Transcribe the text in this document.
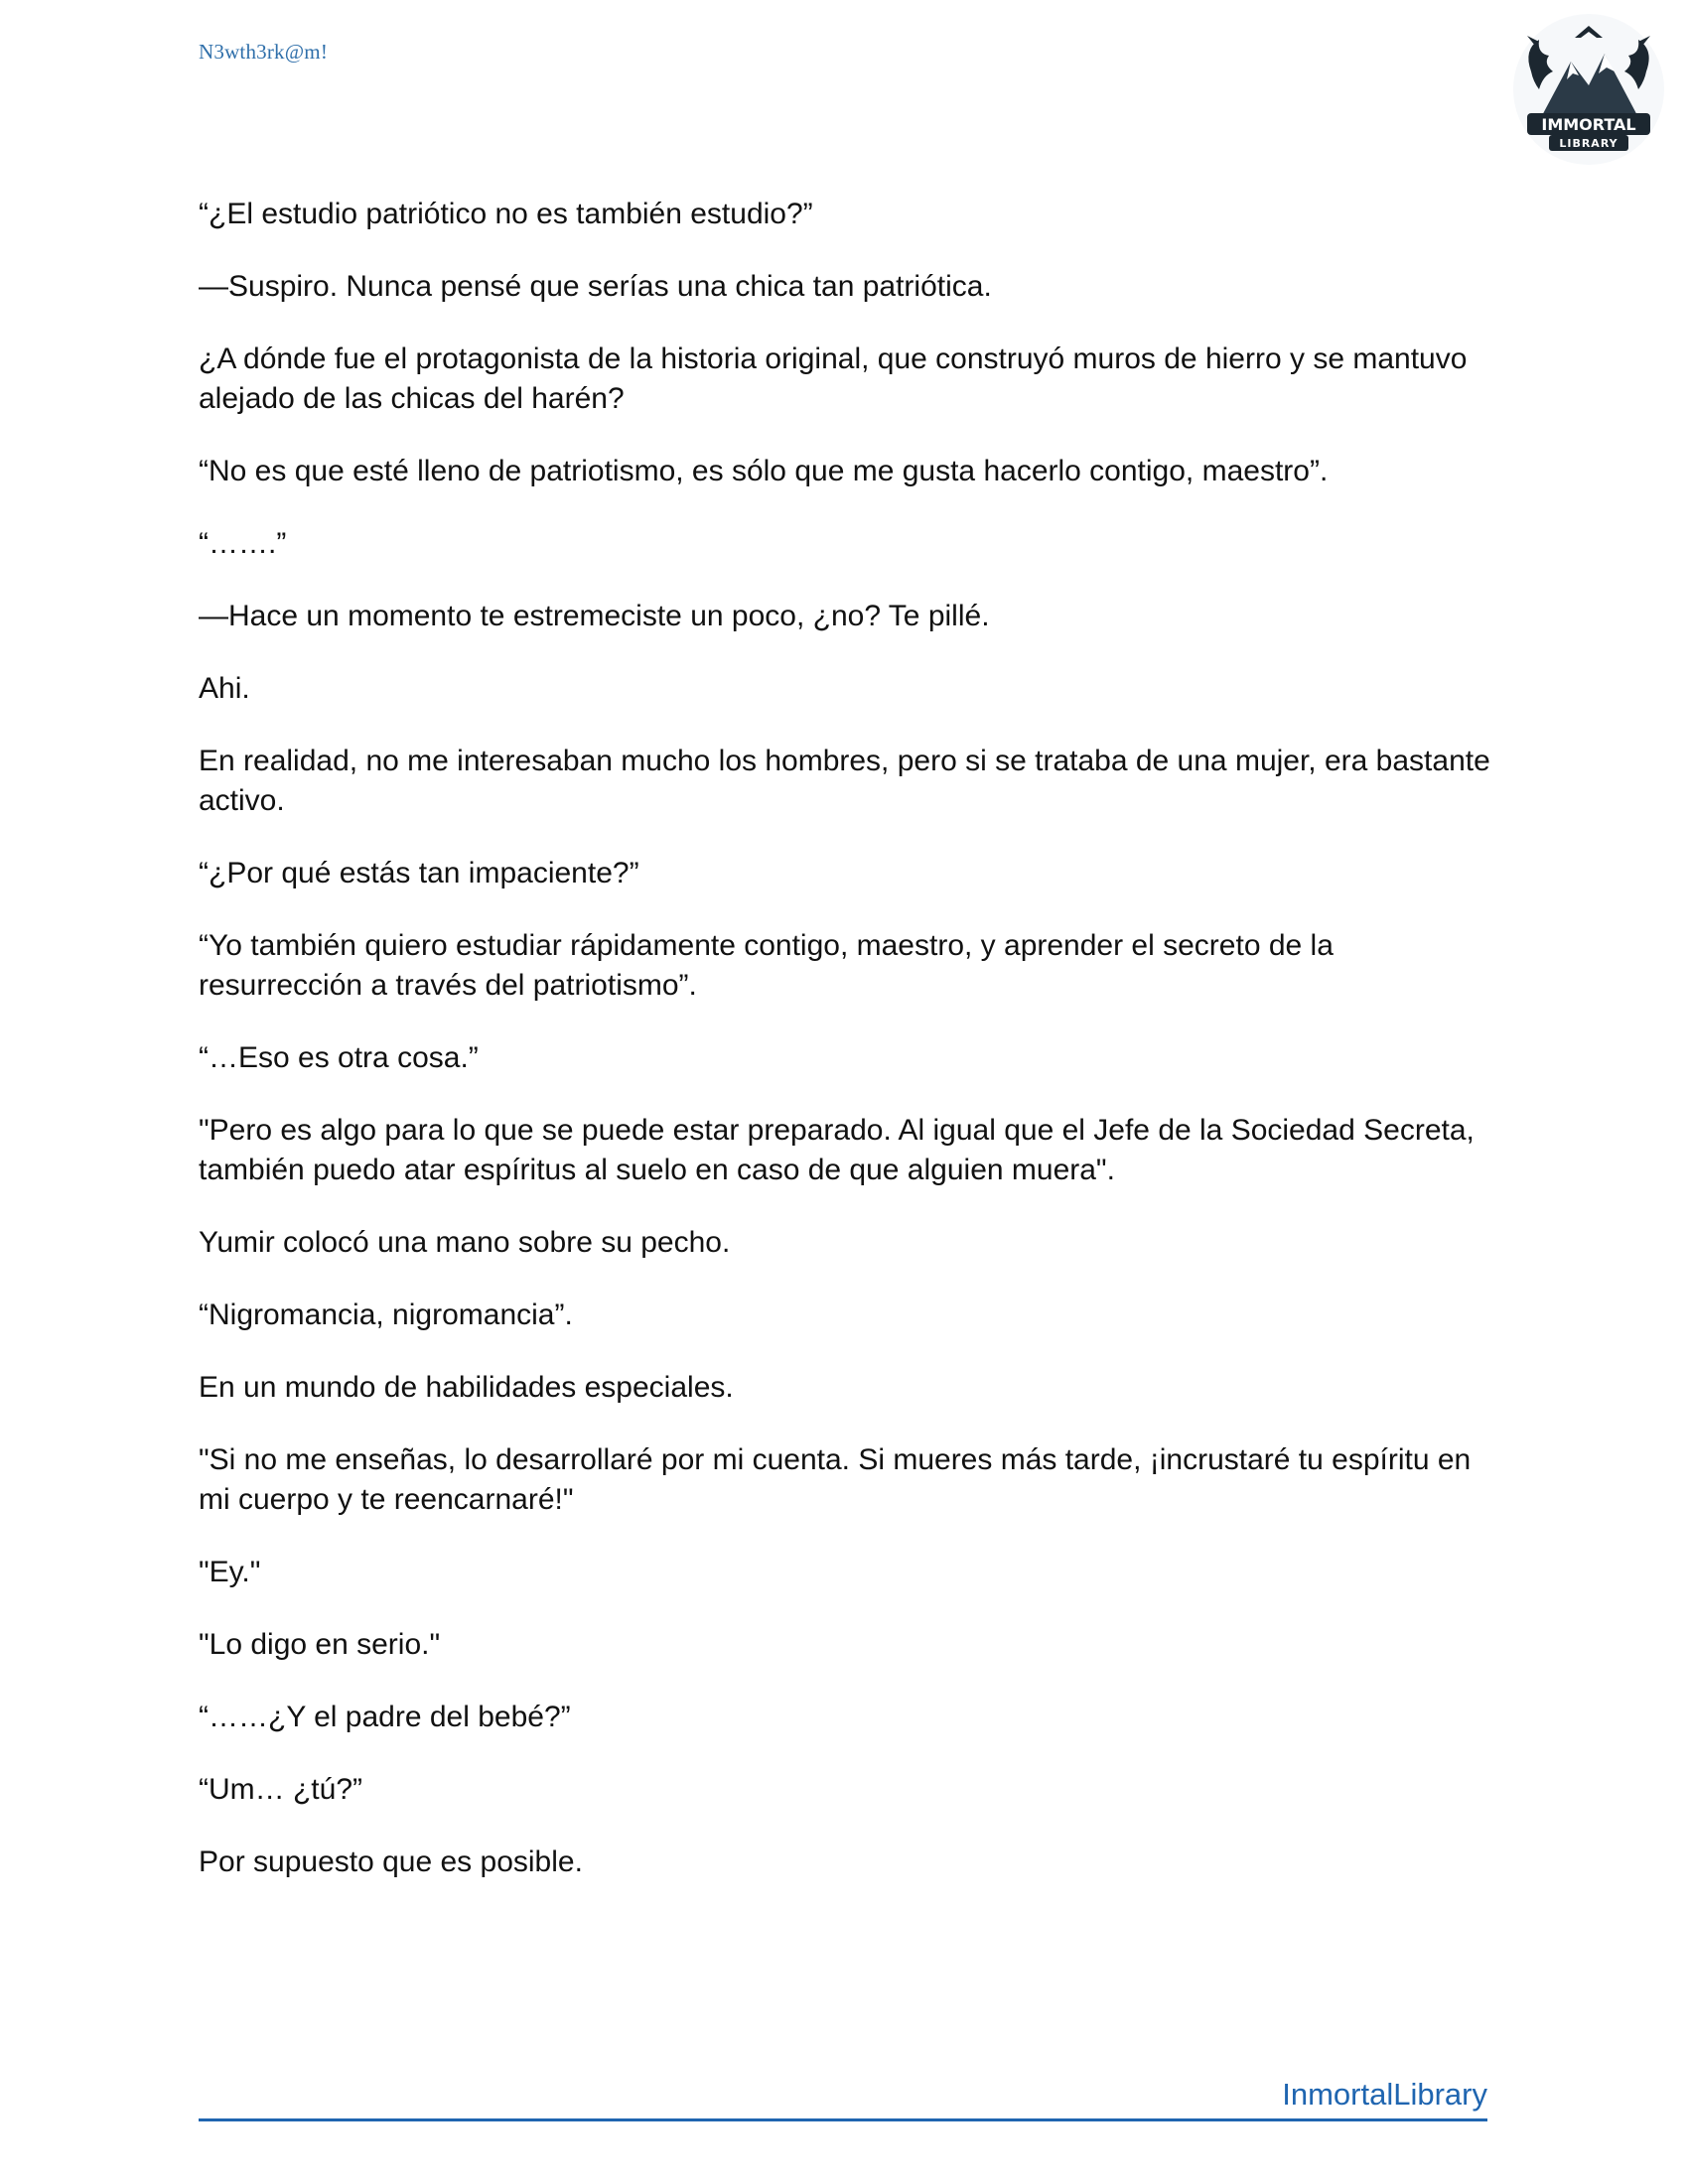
N3wth3rk@m!
IMMORTAL
LIBRARY

“¿El estudio patriótico no es también estudio?”

—Suspiro. Nunca pensé que serías una chica tan patriótica.

¿A dónde fue el protagonista de la historia original, que construyó muros de hierro y se mantuvo alejado de las chicas del harén?

“No es que esté lleno de patriotismo, es sólo que me gusta hacerlo contigo, maestro”.

“…….”

—Hace un momento te estremeciste un poco, ¿no? Te pillé.

Ahi.

En realidad, no me interesaban mucho los hombres, pero si se trataba de una mujer, era bastante activo.

“¿Por qué estás tan impaciente?”

“Yo también quiero estudiar rápidamente contigo, maestro, y aprender el secreto de la resurrección a través del patriotismo”.

“…Eso es otra cosa.”

"Pero es algo para lo que se puede estar preparado. Al igual que el Jefe de la Sociedad Secreta, también puedo atar espíritus al suelo en caso de que alguien muera".

Yumir colocó una mano sobre su pecho.

“Nigromancia, nigromancia”.

En un mundo de habilidades especiales.

"Si no me enseñas, lo desarrollaré por mi cuenta. Si mueres más tarde, ¡incrustaré tu espíritu en mi cuerpo y te reencarnaré!"

"Ey."

"Lo digo en serio."

“……¿Y el padre del bebé?”

“Um… ¿tú?”

Por supuesto que es posible.

InmortalLibrary
